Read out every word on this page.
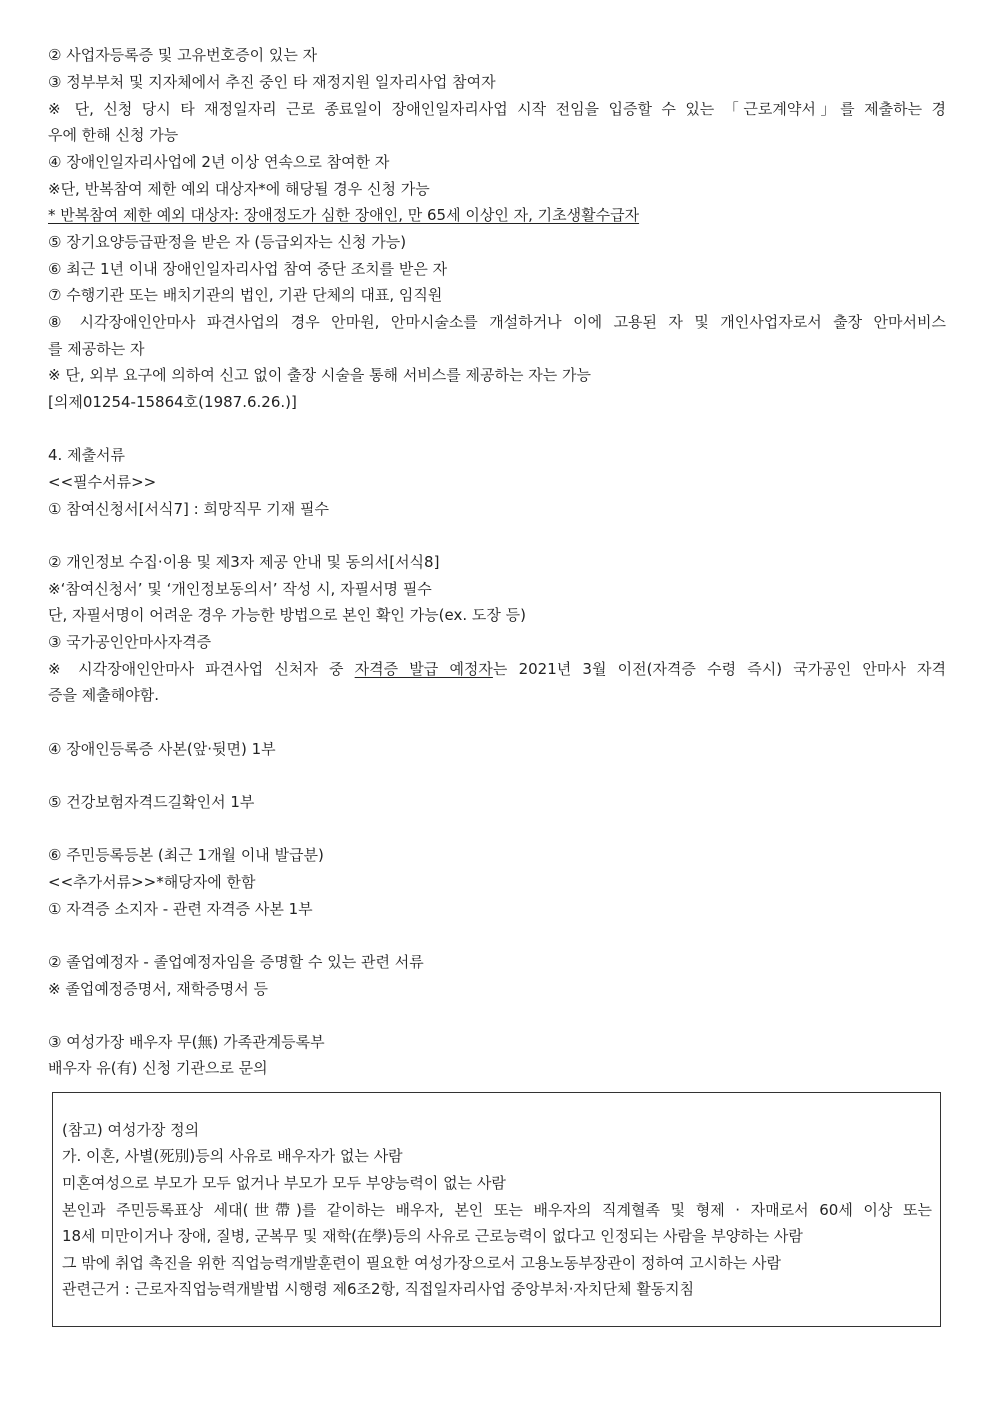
② 사업자등록증 및 고유번호증이 있는 자
③ 정부부처 및 지자체에서 추진 중인 타 재정지원 일자리사업 참여자
※ 단, 신청 당시 타 재정일자리 근로 종료일이 장애인일자리사업 시작 전임을 입증할 수 있는 「근로계약서」를 제출하는 경
우에 한해 신청 가능
④ 장애인일자리사업에 2년 이상 연속으로 참여한 자
※단, 반복참여 제한 예외 대상자*에 해당될 경우 신청 가능
* 반복참여 제한 예외 대상자: 장애정도가 심한 장애인, 만 65세 이상인 자, 기초생활수급자
⑤ 장기요양등급판정을 받은 자 (등급외자는 신청 가능)
⑥ 최근 1년 이내 장애인일자리사업 참여 중단 조치를 받은 자
⑦ 수행기관 또는 배치기관의 법인, 기관 단체의 대표, 임직원
⑧ 시각장애인안마사 파견사업의 경우 안마원, 안마시술소를 개설하거나 이에 고용된 자 및 개인사업자로서 출장 안마서비스
를 제공하는 자
※ 단, 외부 요구에 의하여 신고 없이 출장 시술을 통해 서비스를 제공하는 자는 가능
[의제01254-15864호(1987.6.26.)]
4. 제출서류
<<필수서류>>
① 참여신청서[서식7] : 희망직무 기재 필수
② 개인정보 수집·이용 및 제3자 제공 안내 및 동의서[서식8]
※‘참여신청서’ 및 ‘개인정보동의서’ 작성 시, 자필서명 필수
단, 자필서명이 어려운 경우 가능한 방법으로 본인 확인 가능(ex. 도장 등)
③ 국가공인안마사자격증
※ 시각장애인안마사 파견사업 신처자 중 자격증 발급 예정자는 2021년 3월 이전(자격증 수령 즉시) 국가공인 안마사 자격
증을 제출해야함.
④ 장애인등록증 사본(앞·뒷면) 1부
⑤ 건강보험자격드길확인서 1부
⑥ 주민등록등본 (최근 1개월 이내 발급분)
<<추가서류>>*해당자에 한함
① 자격증 소지자 - 관련 자격증 사본 1부
② 졸업예정자 - 졸업예정자임을 증명할 수 있는 관련 서류
※ 졸업예정증명서, 재학증명서 등
③ 여성가장 배우자 무(無) 가족관계등록부
배우자 유(有) 신청 기관으로 문의
(참고) 여성가장 정의
가. 이혼, 사별(死別)등의 사유로 배우자가 없는 사람
미혼여성으로 부모가 모두 없거나 부모가 모두 부양능력이 없는 사람
본인과 주민등록표상 세대(世帶)를 같이하는 배우자, 본인 또는 배우자의 직계혈족 및 형제 · 자매로서 60세 이상 또는
18세 미만이거나 장애, 질병, 군복무 및 재학(在學)등의 사유로 근로능력이 없다고 인정되는 사람을 부양하는 사람
그 밖에 취업 촉진을 위한 직업능력개발훈련이 필요한 여성가장으로서 고용노동부장관이 정하여 고시하는 사람
관련근거 : 근로자직업능력개발법 시행령 제6조2항, 직접일자리사업 중앙부처·자치단체 활동지침
